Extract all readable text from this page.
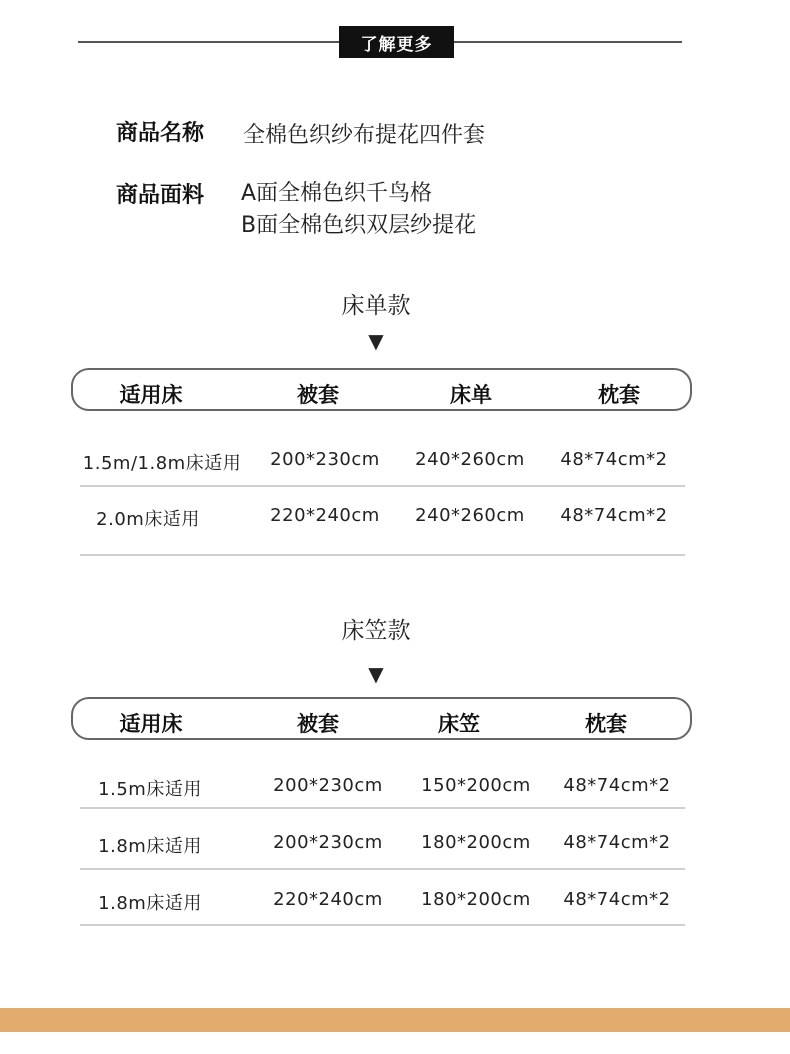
了解更多
商品名称 全棉色织纱布提花四件套
商品面料 A面全棉色织千鸟格
B面全棉色织双层纱提花
床单款
▼
适用床	被套	床单	枕套
1.5m/1.8m床适用 200*230cm 240*260cm 48*74cm*2
2.0m床适用	220*240cm 240*260cm 48*74cm*2
床笠款
▼
适用床	被套	床笠	枕套
1.5m床适用	200*230cm 150*200cm 48*74cm*2
1.8m床适用	200*230cm 180*200cm 48*74cm*2
1.8m床适用	220*240cm 180*200cm 48*74cm*2
